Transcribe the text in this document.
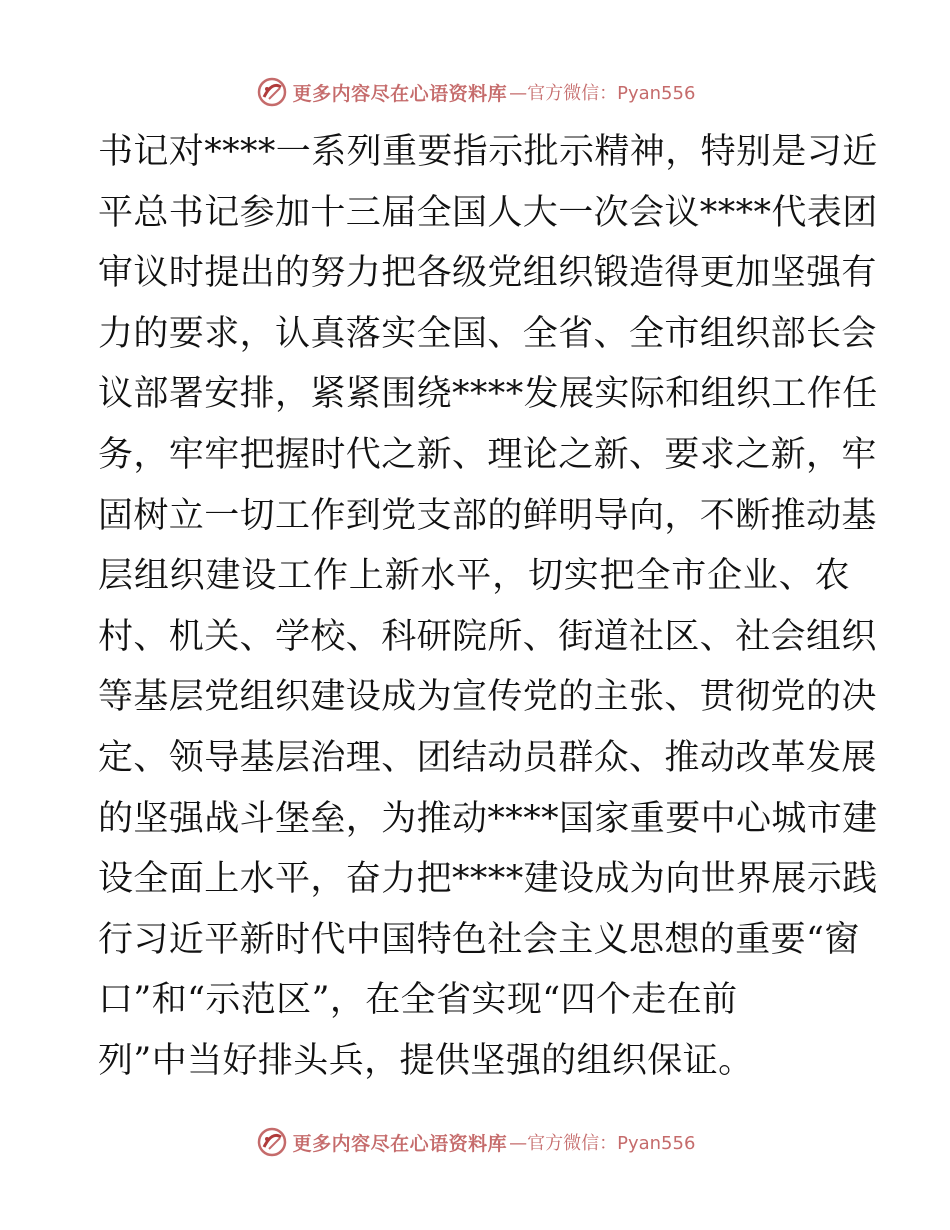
更多内容尽在心语资料库 —官方微信：Pyan556
书记对****一系列重要指示批示精神，特别是习近
平总书记参加十三届全国人大一次会议****代表团
审议时提出的努力把各级党组织锻造得更加坚强有
力的要求，认真落实全国、全省、全市组织部长会
议部署安排，紧紧围绕****发展实际和组织工作任
务，牢牢把握时代之新、理论之新、要求之新，牢
固树立一切工作到党支部的鲜明导向，不断推动基
层组织建设工作上新水平，切实把全市企业、农
村、机关、学校、科研院所、街道社区、社会组织
等基层党组织建设成为宣传党的主张、贯彻党的决
定、领导基层治理、团结动员群众、推动改革发展
的坚强战斗堡垒，为推动****国家重要中心城市建
设全面上水平，奋力把****建设成为向世界展示践
行习近平新时代中国特色社会主义思想的重要“窗
口”和“示范区”，在全省实现“四个走在前
列”中当好排头兵，提供坚强的组织保证。
更多内容尽在心语资料库 —官方微信：Pyan556
